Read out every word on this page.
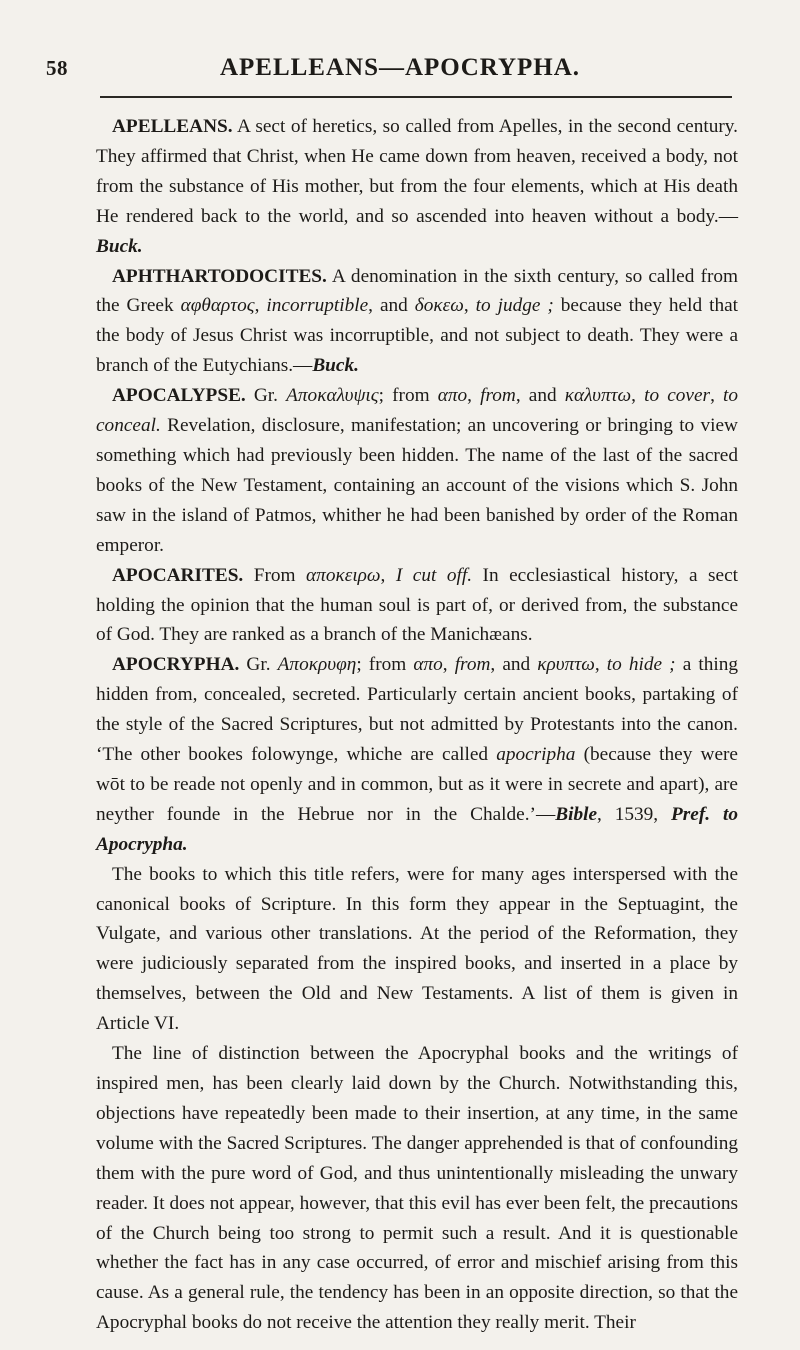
58	APELLEANS—APOCRYPHA.

APELLEANS. A sect of heretics, so called from Apelles, in the second century. They affirmed that Christ, when He came down from heaven, received a body, not from the substance of His mother, but from the four elements, which at His death He rendered back to the world, and so ascended into heaven without a body.—Buck.

APHTHARTODOCITES. A denomination in the sixth century, so called from the Greek αφθαρτος, incorruptible, and δοκεω, to judge ; because they held that the body of Jesus Christ was incorruptible, and not subject to death. They were a branch of the Eutychians.—Buck.

APOCALYPSE. Gr. Αποκαλυψις; from απο, from, and καλυπτω, to cover, to conceal. Revelation, disclosure, manifestation; an uncovering or bringing to view something which had previously been hidden. The name of the last of the sacred books of the New Testament, containing an account of the visions which S. John saw in the island of Patmos, whither he had been banished by order of the Roman emperor.

APOCARITES. From αποκειρω, I cut off. In ecclesiastical history, a sect holding the opinion that the human soul is part of, or derived from, the substance of God. They are ranked as a branch of the Manichæans.

APOCRYPHA. Gr. Αποκρυφη; from απο, from, and κρυπτω, to hide ; a thing hidden from, concealed, secreted. Particularly certain ancient books, partaking of the style of the Sacred Scriptures, but not admitted by Protestants into the canon. ‘The other bookes folowynge, whiche are called apocripha (because they were wōt to be reade not openly and in common, but as it were in secrete and apart), are neyther founde in the Hebrue nor in the Chalde.’—Bible, 1539, Pref. to Apocrypha.

The books to which this title refers, were for many ages interspersed with the canonical books of Scripture. In this form they appear in the Septuagint, the Vulgate, and various other translations. At the period of the Reformation, they were judiciously separated from the inspired books, and inserted in a place by themselves, between the Old and New Testaments. A list of them is given in Article VI.

The line of distinction between the Apocryphal books and the writings of inspired men, has been clearly laid down by the Church. Notwithstanding this, objections have repeatedly been made to their insertion, at any time, in the same volume with the Sacred Scriptures. The danger apprehended is that of confounding them with the pure word of God, and thus unintentionally misleading the unwary reader. It does not appear, however, that this evil has ever been felt, the precautions of the Church being too strong to permit such a result. And it is questionable whether the fact has in any case occurred, of error and mischief arising from this cause. As a general rule, the tendency has been in an opposite direction, so that the Apocryphal books do not receive the attention they really merit. Their
